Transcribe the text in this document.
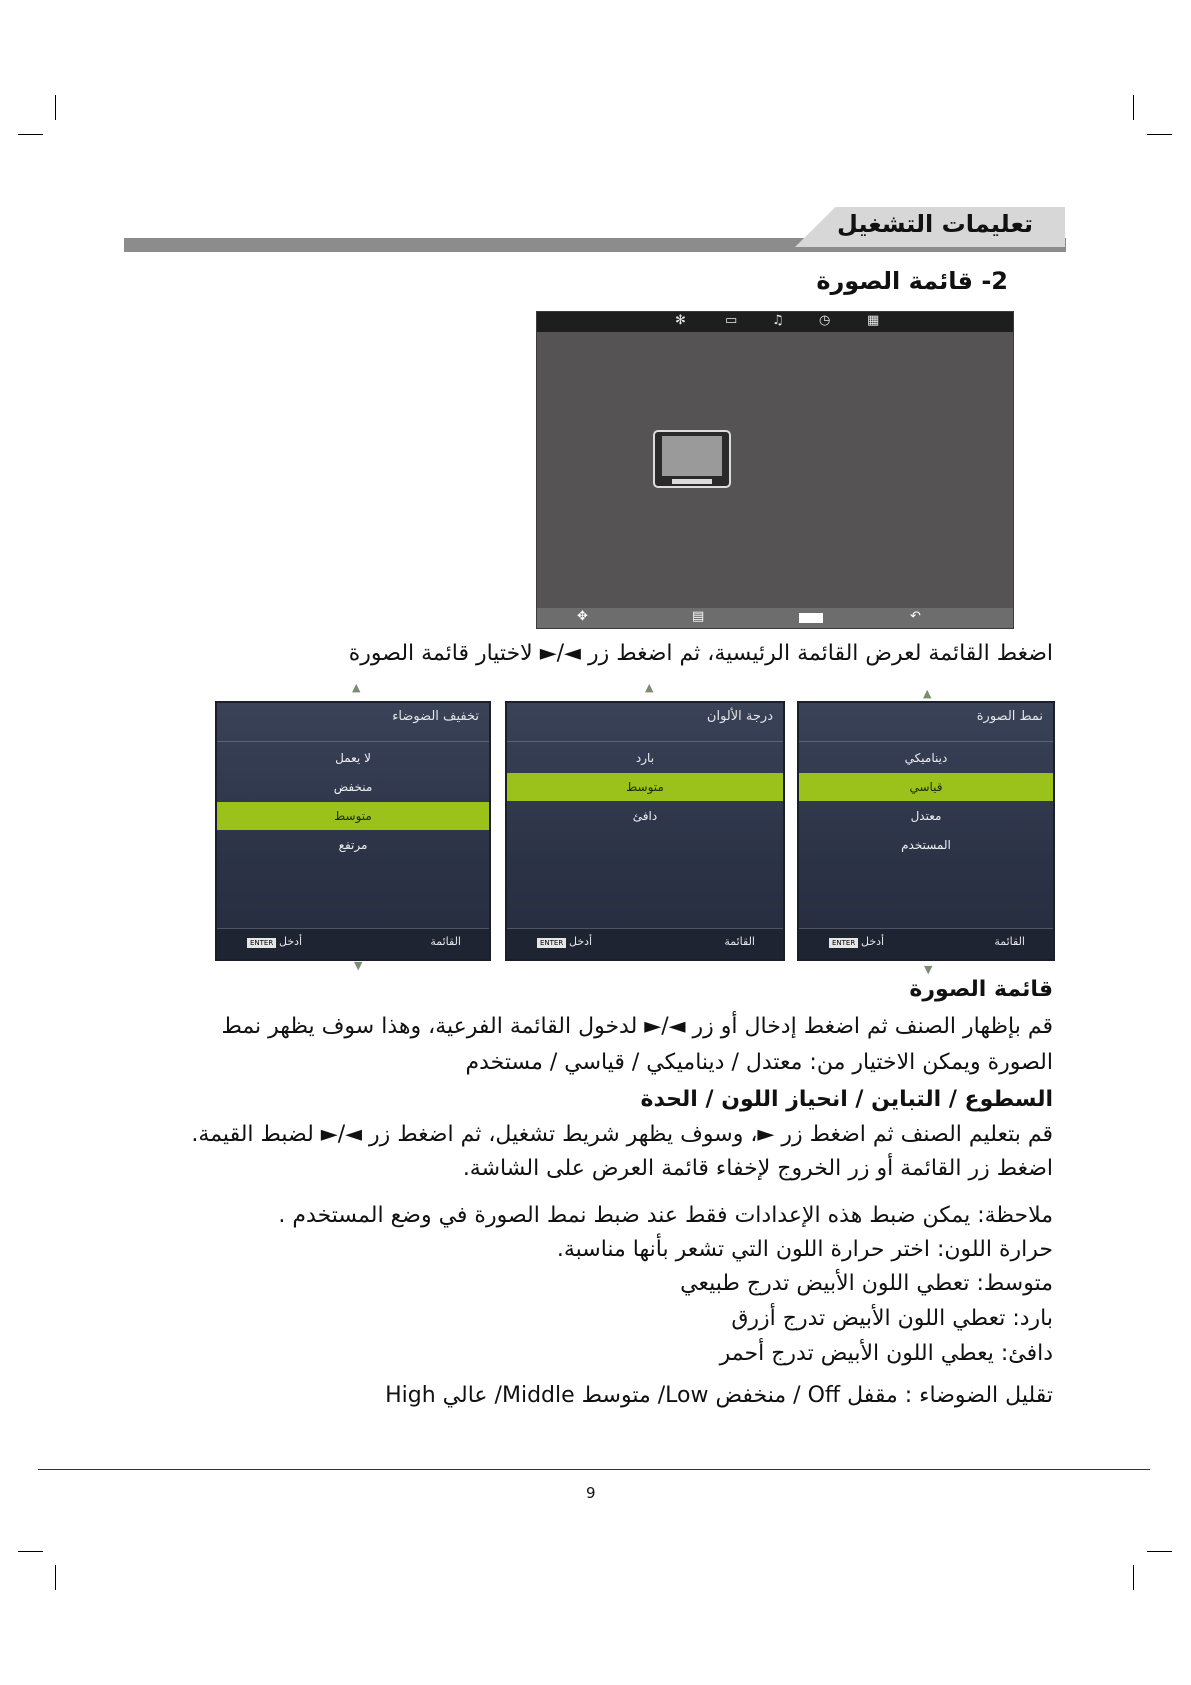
تعليمات التشغيل
2- قائمة الصورة
✻	▭	♫	◷	▦
✥	▤	↶
اضغط القائمة لعرض القائمة الرئيسية، ثم اضغط زر ◄/► لاختيار قائمة الصورة
▲	▲	▲
تخفيف الضوضاء
لا يعمل
منخفض
متوسط
مرتفع
ENTER أدخل	القائمة
درجة الألوان
بارد
متوسط
دافئ
ENTER أدخل	القائمة
نمط الصورة
ديناميكي
قياسي
معتدل
المستخدم
ENTER أدخل	القائمة
▼	▼
قائمة الصورة
قم بإظهار الصنف ثم اضغط إدخال أو زر ◄/► لدخول القائمة الفرعية، وهذا سوف يظهر نمط
الصورة ويمكن الاختيار من: معتدل / ديناميكي / قياسي / مستخدم
السطوع / التباين / انحياز اللون / الحدة
قم بتعليم الصنف ثم اضغط زر ►، وسوف يظهر شريط تشغيل، ثم اضغط زر ◄/► لضبط القيمة.
اضغط زر القائمة أو زر الخروج لإخفاء قائمة العرض على الشاشة.
ملاحظة: يمكن ضبط هذه الإعدادات فقط عند ضبط نمط الصورة في وضع المستخدم .
حرارة اللون: اختر حرارة اللون التي تشعر بأنها مناسبة.
متوسط: تعطي اللون الأبيض تدرج طبيعي
بارد: تعطي اللون الأبيض تدرج أزرق
دافئ: يعطي اللون الأبيض تدرج أحمر
تقليل الضوضاء : مقفل Off / منخفض Low/ متوسط Middle/ عالي High
9
